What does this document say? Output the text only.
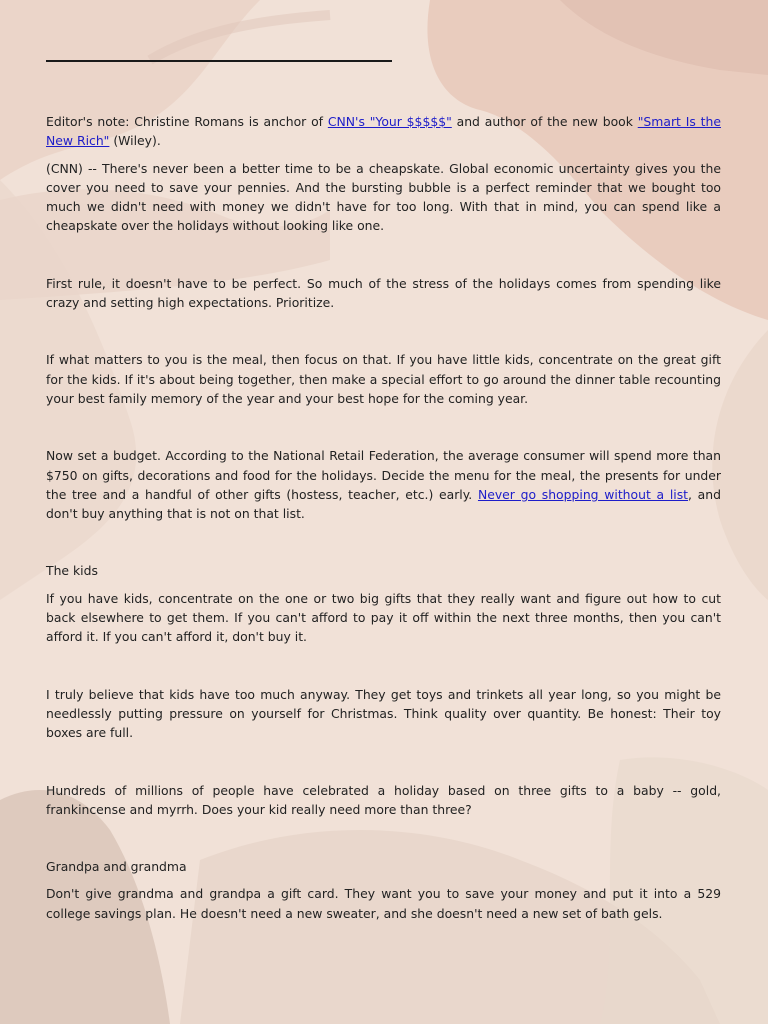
Editor's note: Christine Romans is anchor of CNN's "Your $$$$$" and author of the new book "Smart Is the New Rich" (Wiley).

(CNN) -- There's never been a better time to be a cheapskate. Global economic uncertainty gives you the cover you need to save your pennies. And the bursting bubble is a perfect reminder that we bought too much we didn't need with money we didn't have for too long. With that in mind, you can spend like a cheapskate over the holidays without looking like one.

First rule, it doesn't have to be perfect. So much of the stress of the holidays comes from spending like crazy and setting high expectations. Prioritize.

If what matters to you is the meal, then focus on that. If you have little kids, concentrate on the great gift for the kids. If it's about being together, then make a special effort to go around the dinner table recounting your best family memory of the year and your best hope for the coming year.

Now set a budget. According to the National Retail Federation, the average consumer will spend more than $750 on gifts, decorations and food for the holidays. Decide the menu for the meal, the presents for under the tree and a handful of other gifts (hostess, teacher, etc.) early. Never go shopping without a list, and don't buy anything that is not on that list.

The kids

If you have kids, concentrate on the one or two big gifts that they really want and figure out how to cut back elsewhere to get them. If you can't afford to pay it off within the next three months, then you can't afford it. If you can't afford it, don't buy it.

I truly believe that kids have too much anyway. They get toys and trinkets all year long, so you might be needlessly putting pressure on yourself for Christmas. Think quality over quantity. Be honest: Their toy boxes are full.

Hundreds of millions of people have celebrated a holiday based on three gifts to a baby -- gold, frankincense and myrrh. Does your kid really need more than three?

Grandpa and grandma

Don't give grandma and grandpa a gift card. They want you to save your money and put it into a 529 college savings plan. He doesn't need a new sweater, and she doesn't need a new set of bath gels.
